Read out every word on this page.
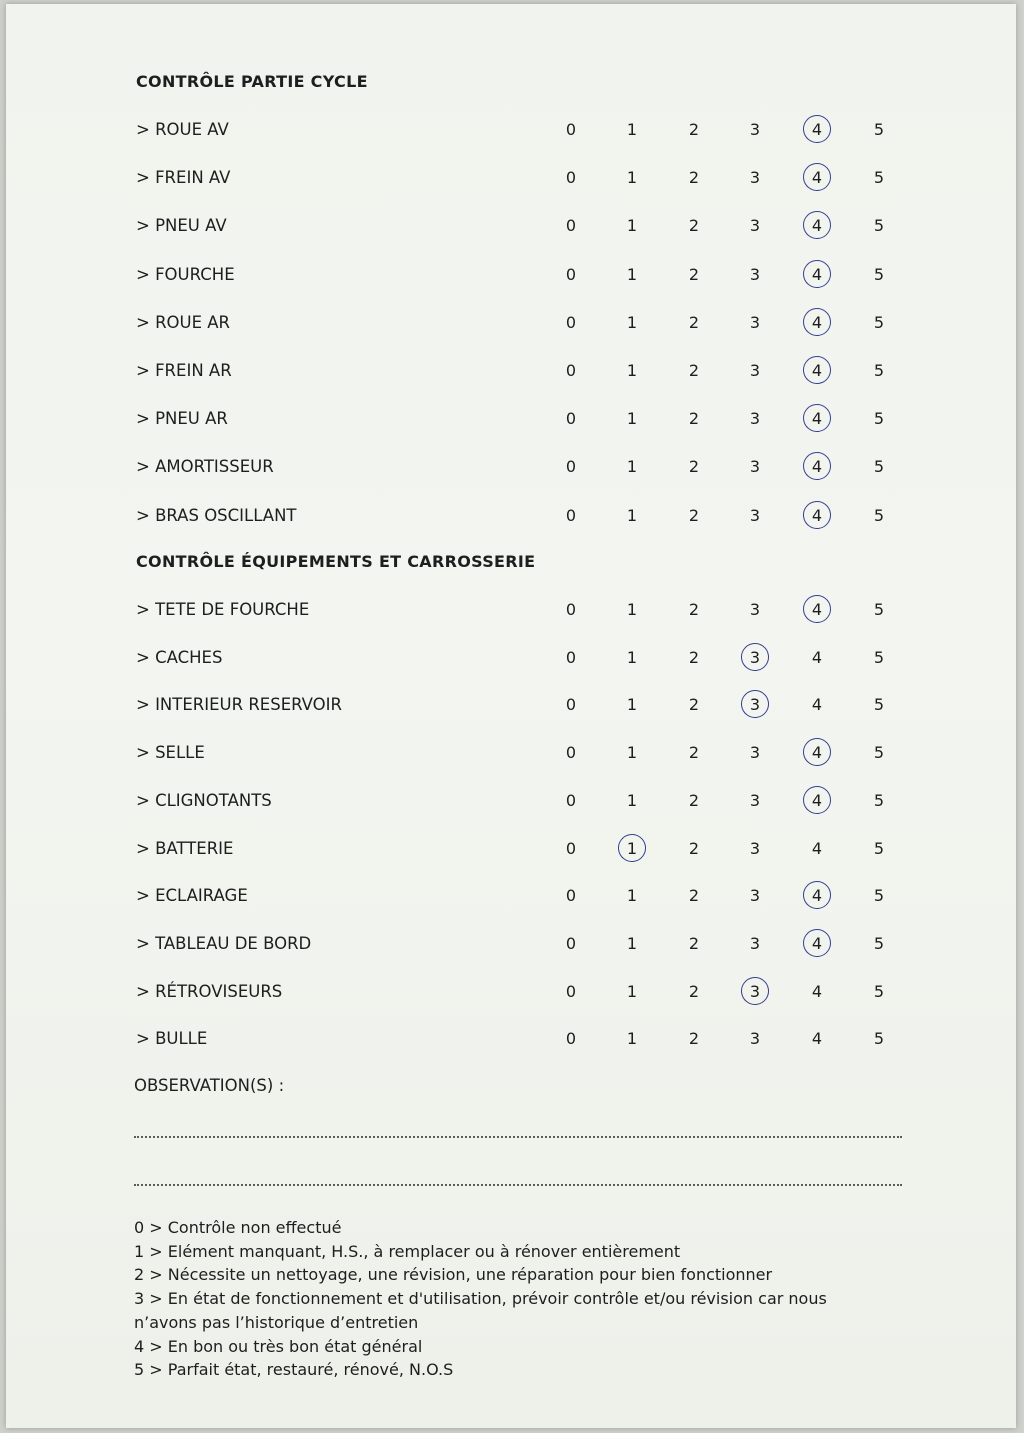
CONTRÔLE PARTIE CYCLE
> ROUE AV	0	1	2	3	4	5
> FREIN AV	0	1	2	3	4	5
> PNEU AV	0	1	2	3	4	5
> FOURCHE	0	1	2	3	4	5
> ROUE AR	0	1	2	3	4	5
> FREIN AR	0	1	2	3	4	5
> PNEU AR	0	1	2	3	4	5
> AMORTISSEUR	0	1	2	3	4	5
> BRAS OSCILLANT	0	1	2	3	4	5
CONTRÔLE ÉQUIPEMENTS ET CARROSSERIE
> TETE DE FOURCHE	0	1	2	3	4	5
> CACHES	0	1	2	3	4	5
> INTERIEUR RESERVOIR	0	1	2	3	4	5
> SELLE	0	1	2	3	4	5
> CLIGNOTANTS	0	1	2	3	4	5
> BATTERIE	0	1	2	3	4	5
> ECLAIRAGE	0	1	2	3	4	5
> TABLEAU DE BORD	0	1	2	3	4	5
> RÉTROVISEURS	0	1	2	3	4	5
> BULLE	0	1	2	3	4	5
OBSERVATION(S) :
0 > Contrôle non effectué
1 > Elément manquant, H.S., à remplacer ou à rénover entièrement
2 > Nécessite un nettoyage, une révision, une réparation pour bien fonctionner
3 > En état de fonctionnement et d'utilisation, prévoir contrôle et/ou révision car nous
n’avons pas l’historique d’entretien
4 > En bon ou très bon état général
5 > Parfait état, restauré, rénové, N.O.S
